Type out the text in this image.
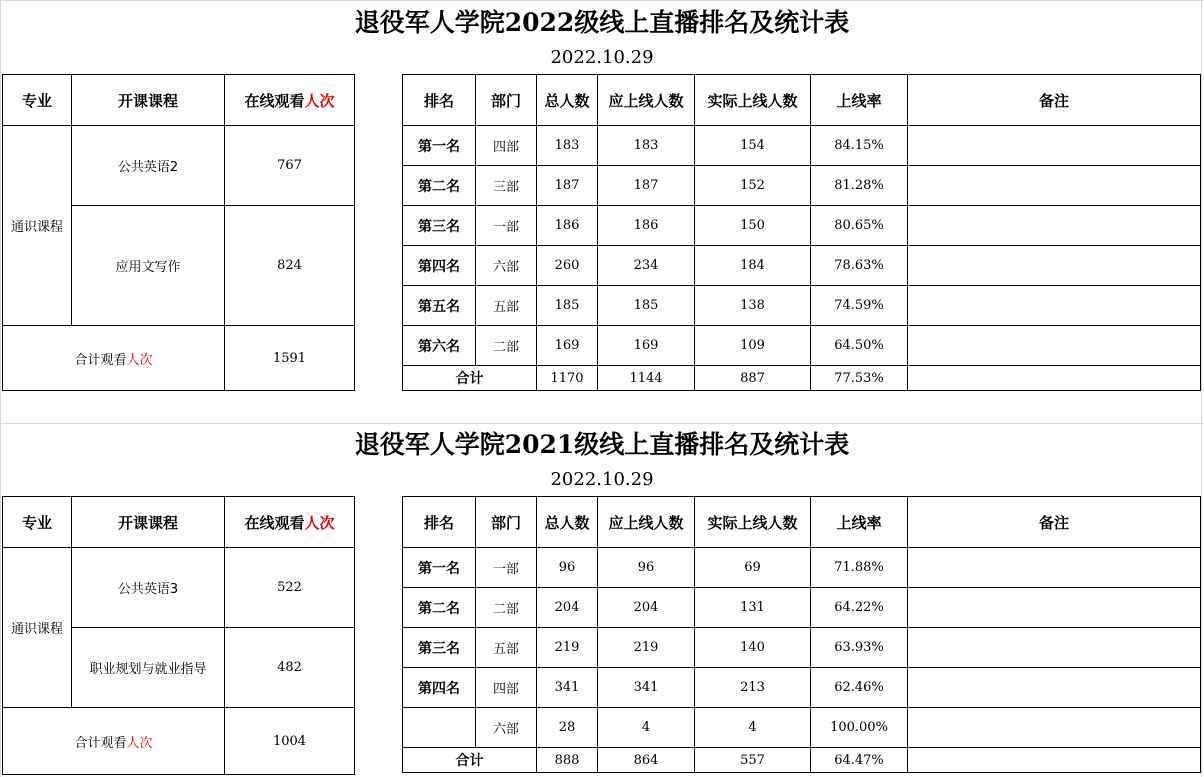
退役军人学院2022级线上直播排名及统计表
2022.10.29
专业	开课课程	在线观看人次
通识课程	公共英语2	767
	应用文写作	824
合计观看人次		1591
排名	部门	总人数	应上线人数	实际上线人数	上线率	备注
第一名	四部	183	183	154	84.15%	
第二名	三部	187	187	152	81.28%	
第三名	一部	186	186	150	80.65%	
第四名	六部	260	234	184	78.63%	
第五名	五部	185	185	138	74.59%	
第六名	二部	169	169	109	64.50%	
合计		1170	1144	887	77.53%	
退役军人学院2021级线上直播排名及统计表
2022.10.29
专业	开课课程	在线观看人次
通识课程	公共英语3	522
	职业规划与就业指导	482
合计观看人次		1004
排名	部门	总人数	应上线人数	实际上线人数	上线率	备注
第一名	一部	96	96	69	71.88%	
第二名	二部	204	204	131	64.22%	
第三名	五部	219	219	140	63.93%	
第四名	四部	341	341	213	62.46%	
	六部	28	4	4	100.00%	
合计		888	864	557	64.47%	
